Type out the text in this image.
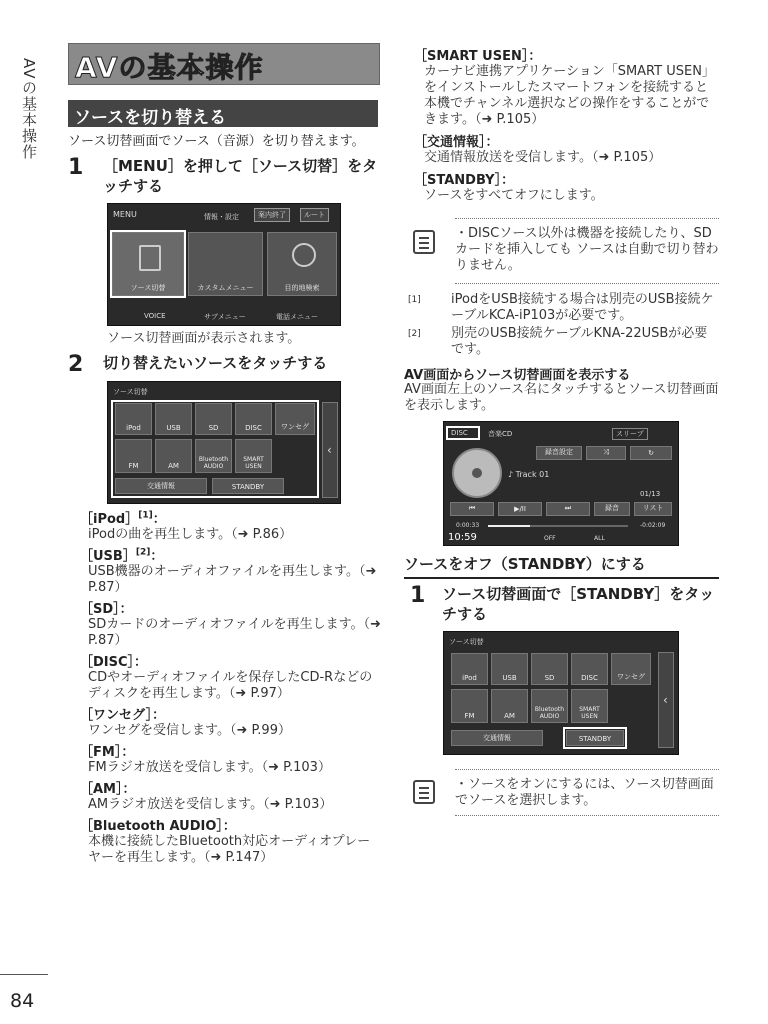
AVの基本操作
84
AVの基本操作
ソースを切り替える
ソース切替画面でソース（音源）を切り替えます。
1 ［MENU］を押して［ソース切替］をタッチする
MENU	情報・設定	案内終了	ルート
ソース切替	カスタムメニュー	目的地検索
VOICE	サブメニュー	電話メニュー
ソース切替画面が表示されます。
2 切り替えたいソースをタッチする
ソース切替
iPod	USB	SD	DISC	ワンセグ
FM	AM
Bluetooth AUDIO
SMART USEN
交通情報	STANDBY
‹
［iPod］[1]：
iPodの曲を再生します。（➜ P.86）
［USB］[2]：
USB機器のオーディオファイルを再生します。（➜ P.87）
［SD］：
SDカードのオーディオファイルを再生します。（➜ P.87）
［DISC］：
CDやオーディオファイルを保存したCD-Rなどのディスクを再生します。（➜ P.97）
［ワンセグ］：
ワンセグを受信します。（➜ P.99）
［FM］：
FMラジオ放送を受信します。（➜ P.103）
［AM］：
AMラジオ放送を受信します。（➜ P.103）
［Bluetooth AUDIO］：
本機に接続したBluetooth対応オーディオプレーヤーを再生します。（➜ P.147）
［SMART USEN］：
カーナビ連携アプリケーション「SMART USEN」をインストールしたスマートフォンを接続すると本機でチャンネル選択などの操作をすることができます。（➜ P.105）
［交通情報］：
交通情報放送を受信します。（➜ P.105）
［STANDBY］：
ソースをすべてオフにします。
・DISCソース以外は機器を接続したり、SDカードを挿入しても ソースは自動で切り替わりません。
[1] iPodをUSB接続する場合は別売のUSB接続ケーブルKCA-iP103が必要です。
[2] 別売のUSB接続ケーブルKNA-22USBが必要です。
AV画面からソース切替画面を表示する
AV画面左上のソース名にタッチするとソース切替画面を表示します。
DISC	音楽CD	スリープ
録音設定	⤨	↻
♪ Track 01
01/13
⏮	▶/II	⏭	録音	リスト
0:00:33	-0:02:09
10:59	OFF	ALL
ソースをオフ（STANDBY）にする
1 ソース切替画面で［STANDBY］をタッチする
ソース切替
iPod	USB	SD	DISC	ワンセグ
FM	AM
Bluetooth AUDIO
SMART USEN
交通情報	STANDBY
‹
・ソースをオンにするには、ソース切替画面でソースを選択します。
